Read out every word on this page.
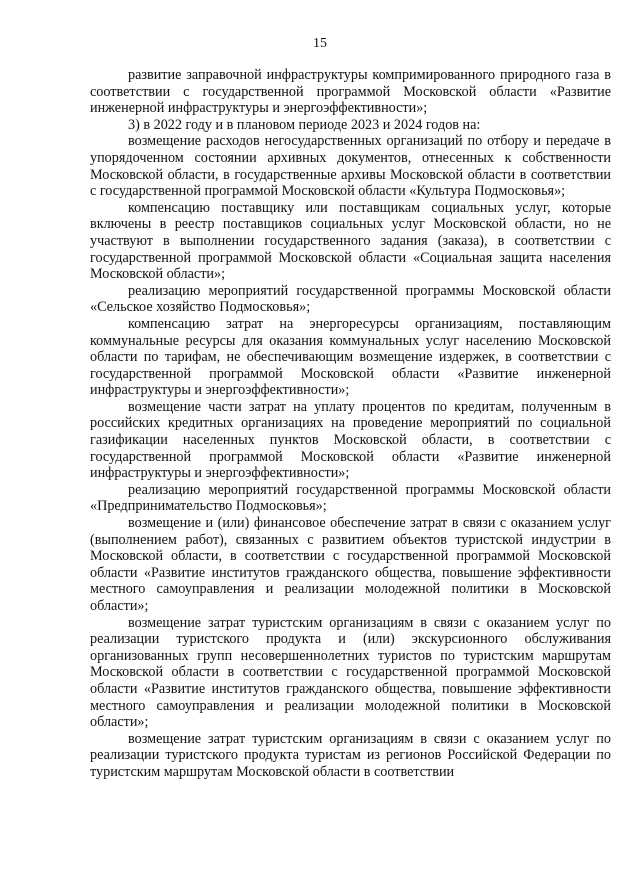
15

развитие заправочной инфраструктуры компримированного природного газа в соответствии с государственной программой Московской области «Развитие инженерной инфраструктуры и энергоэффективности»;

3) в 2022 году и в плановом периоде 2023 и 2024 годов на:

возмещение расходов негосударственных организаций по отбору и передаче в упорядоченном состоянии архивных документов, отнесенных к собственности Московской области, в государственные архивы Московской области в соответствии с государственной программой Московской области «Культура Подмосковья»;

компенсацию поставщику или поставщикам социальных услуг, которые включены в реестр поставщиков социальных услуг Московской области, но не участвуют в выполнении государственного задания (заказа), в соответствии с государственной программой Московской области «Социальная защита населения Московской области»;

реализацию мероприятий государственной программы Московской области «Сельское хозяйство Подмосковья»;

компенсацию затрат на энергоресурсы организациям, поставляющим коммунальные ресурсы для оказания коммунальных услуг населению Московской области по тарифам, не обеспечивающим возмещение издержек, в соответствии с государственной программой Московской области «Развитие инженерной инфраструктуры и энергоэффективности»;

возмещение части затрат на уплату процентов по кредитам, полученным в российских кредитных организациях на проведение мероприятий по социальной газификации населенных пунктов Московской области, в соответствии с государственной программой Московской области «Развитие инженерной инфраструктуры и энергоэффективности»;

реализацию мероприятий государственной программы Московской области «Предпринимательство Подмосковья»;

возмещение и (или) финансовое обеспечение затрат в связи с оказанием услуг (выполнением работ), связанных с развитием объектов туристской индустрии в Московской области, в соответствии с государственной программой Московской области «Развитие институтов гражданского общества, повышение эффективности местного самоуправления и реализации молодежной политики в Московской области»;

возмещение затрат туристским организациям в связи с оказанием услуг по реализации туристского продукта и (или) экскурсионного обслуживания организованных групп несовершеннолетних туристов по туристским маршрутам Московской области в соответствии с государственной программой Московской области «Развитие институтов гражданского общества, повышение эффективности местного самоуправления и реализации молодежной политики в Московской области»;

возмещение затрат туристским организациям в связи с оказанием услуг по реализации туристского продукта туристам из регионов Российской Федерации по туристским маршрутам Московской области в соответствии
